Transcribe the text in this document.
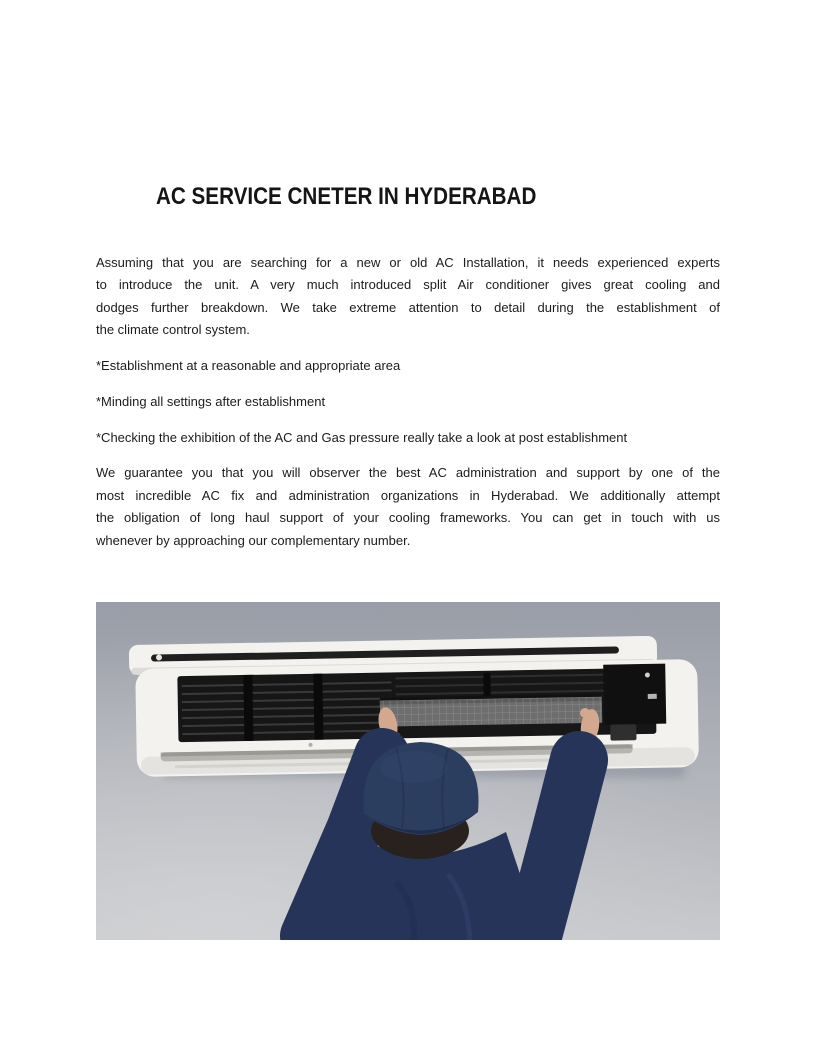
AC SERVICE CNETER IN HYDERABAD
Assuming that you are searching for a new or old AC Installation, it needs experienced experts
to introduce the unit. A very much introduced split Air conditioner gives great cooling and
dodges further breakdown. We take extreme attention to detail during the establishment of
the climate control system.
*Establishment at a reasonable and appropriate area
*Minding all settings after establishment
*Checking the exhibition of the AC and Gas pressure really take a look at post establishment
We guarantee you that you will observer the best AC administration and support by one of the
most incredible AC fix and administration organizations in Hyderabad. We additionally attempt
the obligation of long haul support of your cooling frameworks. You can get in touch with us
whenever by approaching our complementary number.
